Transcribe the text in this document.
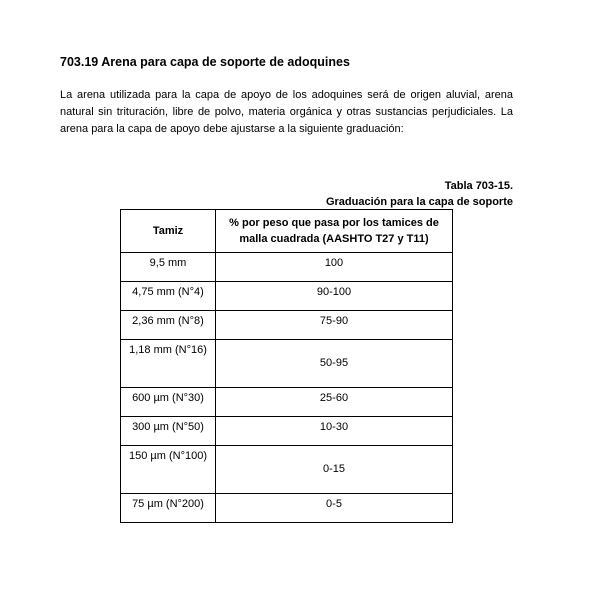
703.19 Arena para capa de soporte de adoquines
La arena utilizada para la capa de apoyo de los adoquines será de origen aluvial, arena natural sin trituración, libre de polvo, materia orgánica y otras sustancias perjudiciales. La arena para la capa de apoyo debe ajustarse a la siguiente graduación:
Tabla 703-15.
Graduación para la capa de soporte
Tamiz	% por peso que pasa por los tamices de malla cuadrada (AASHTO T27 y T11)
9,5 mm	100
4,75 mm (N°4)	90-100
2,36 mm (N°8)	75-90
1,18 mm (N°16)	50-95
600 µm (N°30)	25-60
300 µm (N°50)	10-30
150 µm (N°100)	0-15
75 µm (N°200)	0-5
